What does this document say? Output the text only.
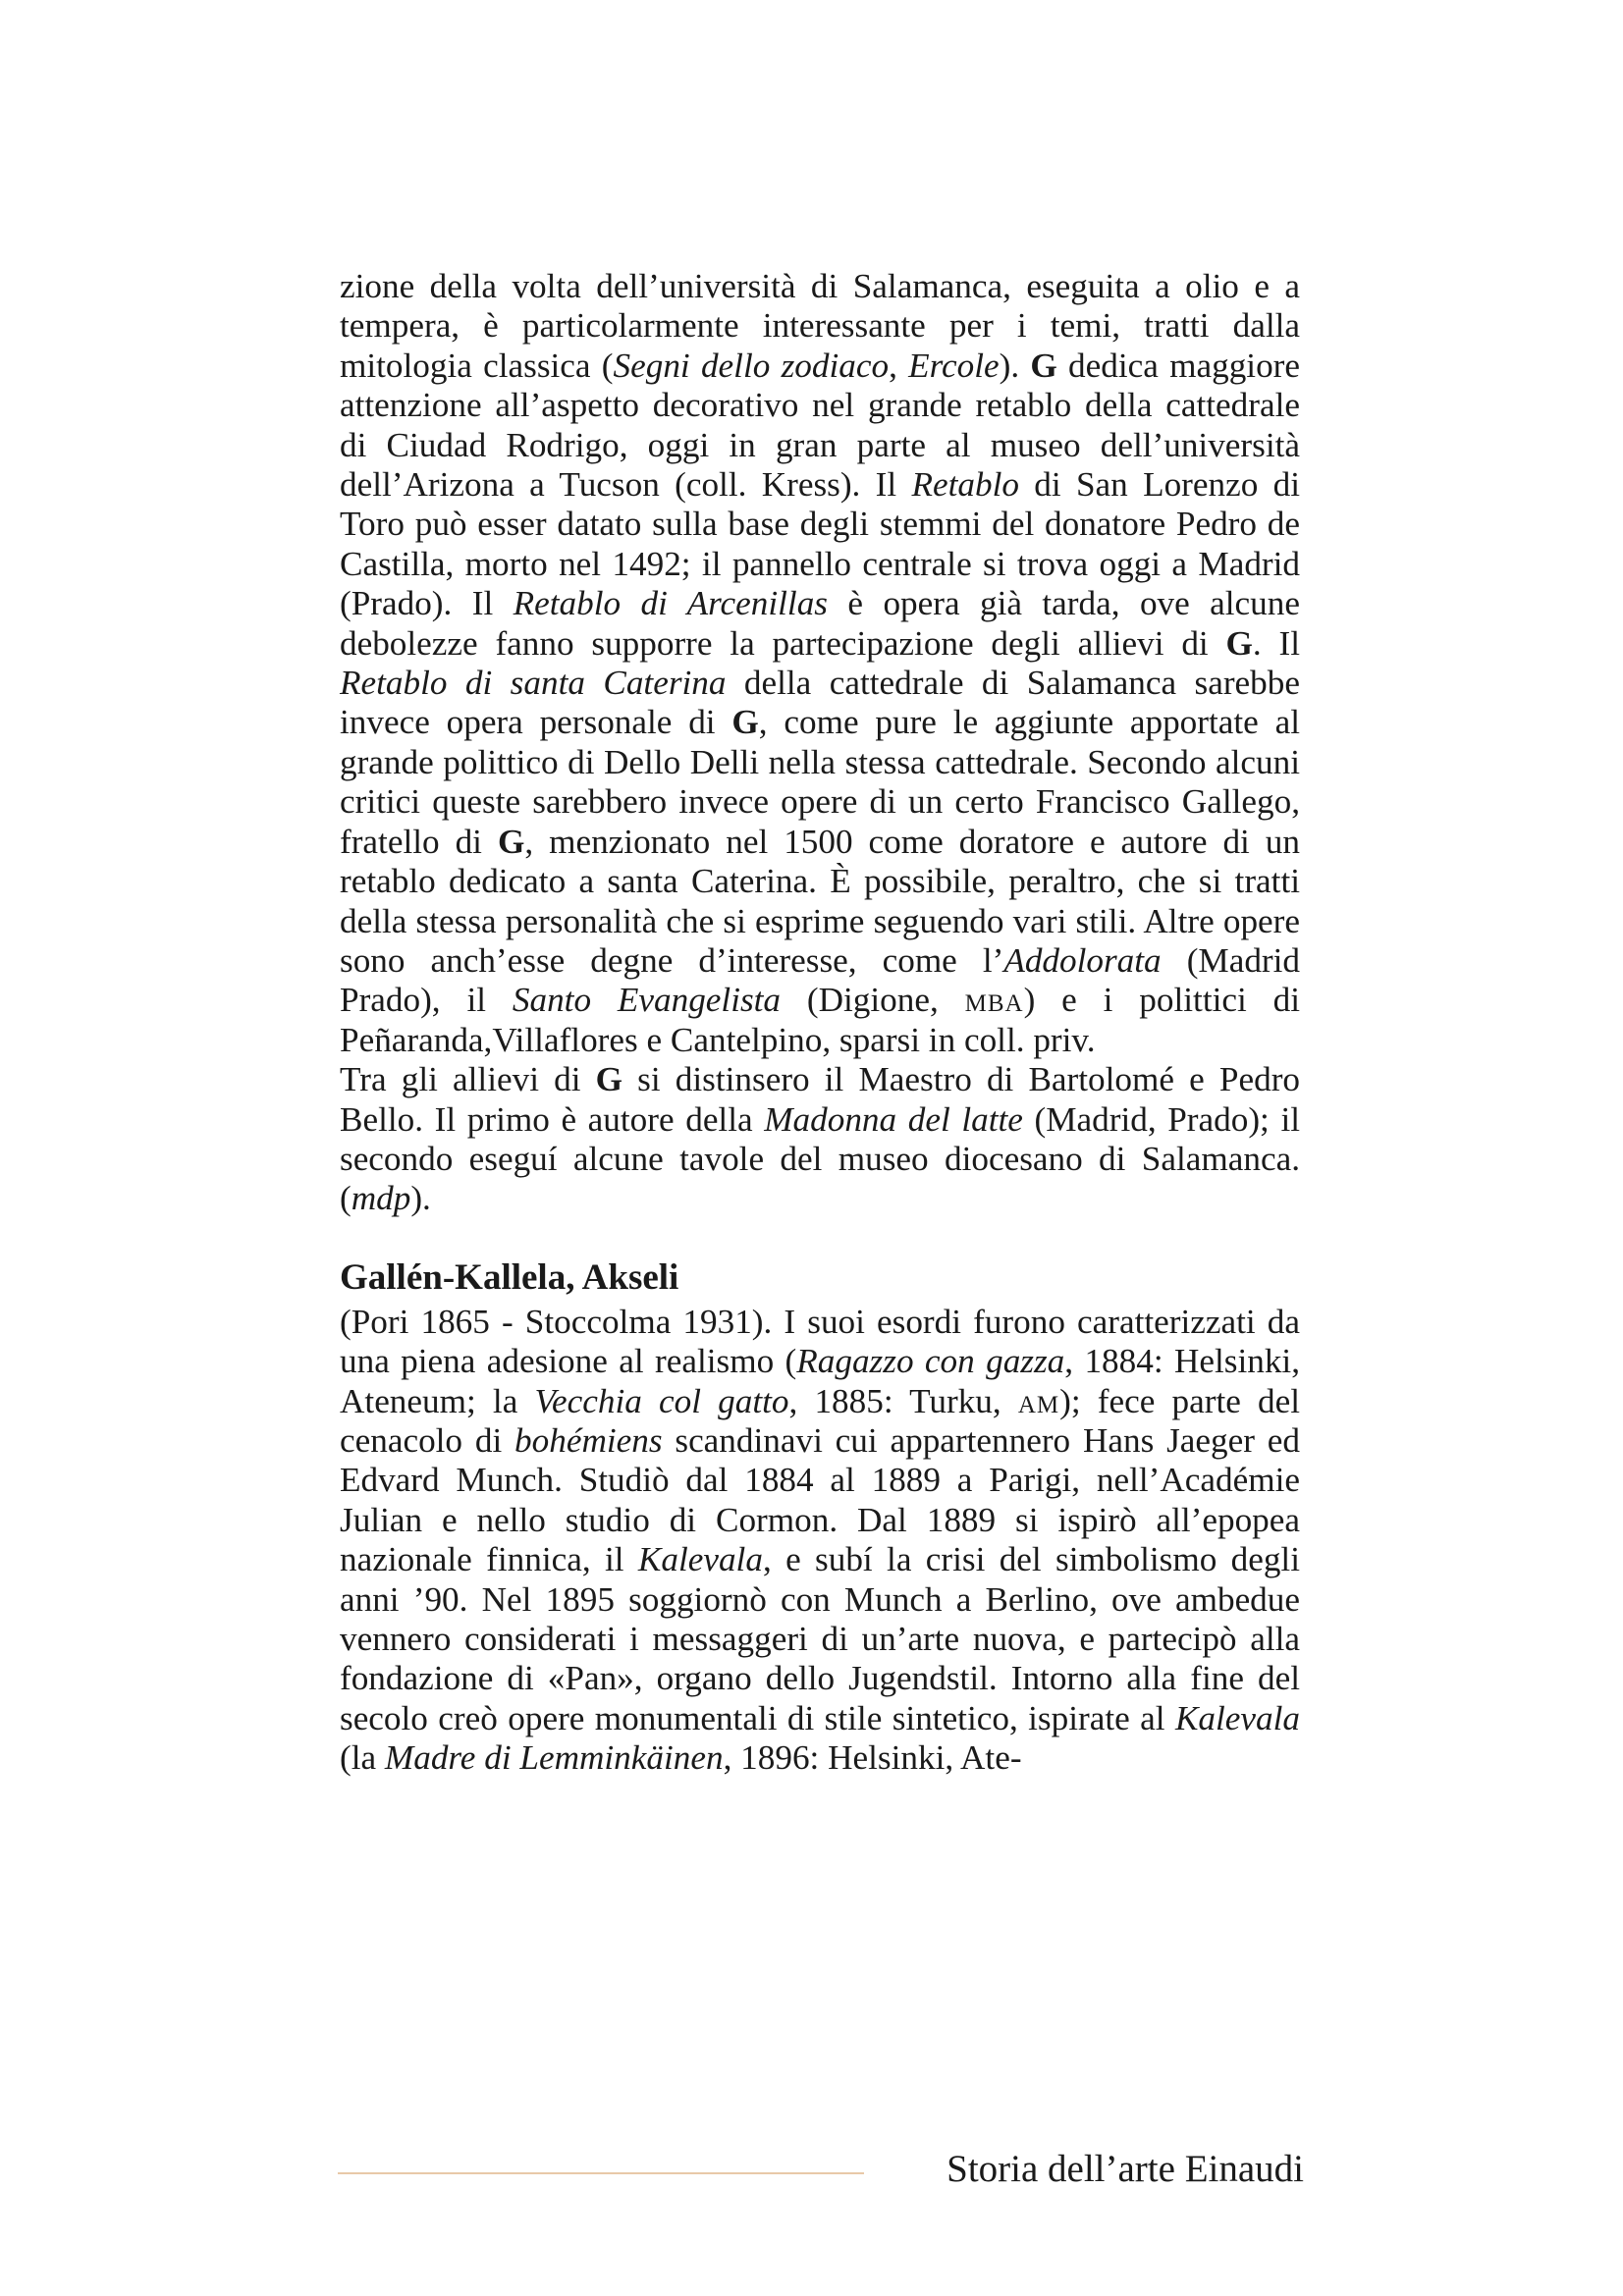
zione della volta dell’università di Salamanca, eseguita a olio e a tempera, è particolarmente interessante per i temi, tratti dalla mitologia classica (Segni dello zodiaco, Ercole). G dedica maggiore attenzione all’aspetto decorativo nel grande retablo della cattedrale di Ciudad Rodrigo, oggi in gran parte al museo dell’università dell’Arizona a Tucson (coll. Kress). Il Retablo di San Lorenzo di Toro può esser datato sulla base degli stemmi del donatore Pedro de Castilla, morto nel 1492; il pannello centrale si trova oggi a Madrid (Prado). Il Retablo di Arcenillas è opera già tarda, ove alcune debolezze fanno supporre la partecipazione degli allievi di G. Il Retablo di santa Caterina della cattedrale di Salamanca sarebbe invece opera personale di G, come pure le aggiunte apportate al grande polittico di Dello Delli nella stessa cattedrale. Secondo alcuni critici queste sarebbero invece opere di un certo Francisco Gallego, fratello di G, menzionato nel 1500 come doratore e autore di un retablo dedicato a santa Caterina. È possibile, peraltro, che si tratti della stessa personalità che si esprime seguendo vari stili. Altre opere sono anch’esse degne d’interesse, come l’Addolorata (Madrid Prado), il Santo Evangelista (Digione, mba) e i polittici di Peñaranda,Villaflores e Cantelpino, sparsi in coll. priv.

Tra gli allievi di G si distinsero il Maestro di Bartolomé e Pedro Bello. Il primo è autore della Madonna del latte (Madrid, Prado); il secondo eseguí alcune tavole del museo diocesano di Salamanca. (mdp).

Gallén-Kallela, Akseli

(Pori 1865 - Stoccolma 1931). I suoi esordi furono caratterizzati da una piena adesione al realismo (Ragazzo con gazza, 1884: Helsinki, Ateneum; la Vecchia col gatto, 1885: Turku, am); fece parte del cenacolo di bohémiens scandinavi cui appartennero Hans Jaeger ed Edvard Munch. Studiò dal 1884 al 1889 a Parigi, nell’Académie Julian e nello studio di Cormon. Dal 1889 si ispirò all’epopea nazionale finnica, il Kalevala, e subí la crisi del simbolismo degli anni ’90. Nel 1895 soggiornò con Munch a Berlino, ove ambedue vennero considerati i messaggeri di un’arte nuova, e partecipò alla fondazione di «Pan», organo dello Jugendstil. Intorno alla fine del secolo creò opere monumentali di stile sintetico, ispirate al Kalevala (la Madre di Lemminkäinen, 1896: Helsinki, Ate-

Storia dell’arte Einaudi
